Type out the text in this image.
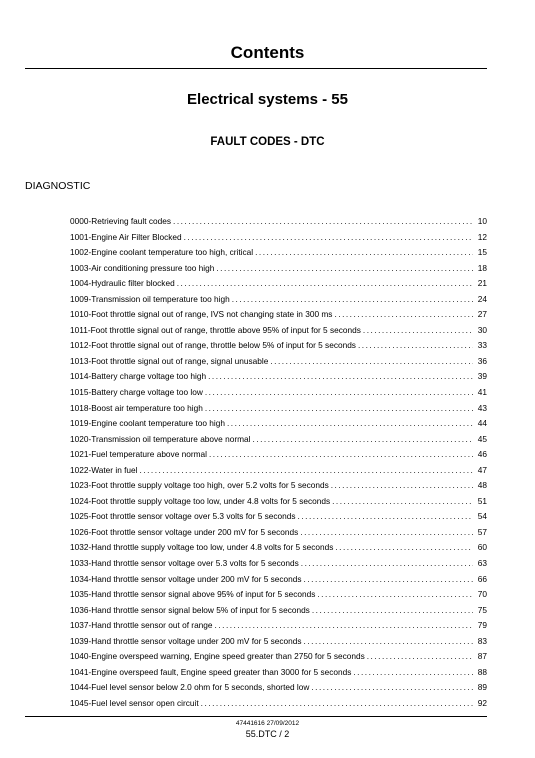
Contents
Electrical systems - 55
FAULT CODES - DTC
DIAGNOSTIC
0000-Retrieving fault codes .....	10
1001-Engine Air Filter Blocked .....	12
1002-Engine coolant temperature too high, critical .....	15
1003-Air conditioning pressure too high .....	18
1004-Hydraulic filter blocked .....	21
1009-Transmission oil temperature too high .....	24
1010-Foot throttle signal out of range, IVS not changing state in 300 ms .....	27
1011-Foot throttle signal out of range, throttle above 95% of input for 5 seconds .....	30
1012-Foot throttle signal out of range, throttle below 5% of input for 5 seconds .....	33
1013-Foot throttle signal out of range, signal unusable .....	36
1014-Battery charge voltage too high .....	39
1015-Battery charge voltage too low .....	41
1018-Boost air temperature too high .....	43
1019-Engine coolant temperature too high .....	44
1020-Transmission oil temperature above normal .....	45
1021-Fuel temperature above normal .....	46
1022-Water in fuel .....	47
1023-Foot throttle supply voltage too high, over 5.2 volts for 5 seconds .....	48
1024-Foot throttle supply voltage too low, under 4.8 volts for 5 seconds .....	51
1025-Foot throttle sensor voltage over 5.3 volts for 5 seconds .....	54
1026-Foot throttle sensor voltage under 200 mV for 5 seconds .....	57
1032-Hand throttle supply voltage too low, under 4.8 volts for 5 seconds .....	60
1033-Hand throttle sensor voltage over 5.3 volts for 5 seconds .....	63
1034-Hand throttle sensor voltage under 200 mV for 5 seconds .....	66
1035-Hand throttle sensor signal above 95% of input for 5 seconds .....	70
1036-Hand throttle sensor signal below 5% of input for 5 seconds .....	75
1037-Hand throttle sensor out of range .....	79
1039-Hand throttle sensor voltage under 200 mV for 5 seconds .....	83
1040-Engine overspeed warning, Engine speed greater than 2750 for 5 seconds .....	87
1041-Engine overspeed fault, Engine speed greater than 3000 for 5 seconds .....	88
1044-Fuel level sensor below 2.0 ohm for 5 seconds, shorted low .....	89
1045-Fuel level sensor open circuit .....	92
47441616 27/09/2012
55.DTC / 2
